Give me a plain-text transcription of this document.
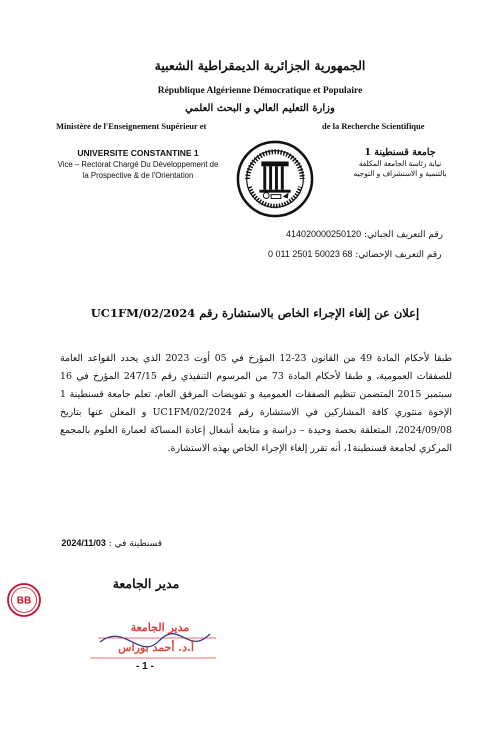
الجمهورية الجزائرية الديمقراطية الشعبية
République Algérienne Démocratique et Populaire
وزارة التعليم العالي و البحث العلمي
Ministère de l'Enseignement Supérieur et	de la Recherche Scientifique
UNIVERSITE CONSTANTINE 1
Vice – Rectorat Chargé Du Développement de
la Prospective & de l'Orientation
جامعة قسنطينة 1
نيابة رئاسة الجامعة المكلفة
بالتنمية و الاستشراف و التوجيه
رقم التعريف الجبائي: 414020000250120
رقم التعريف الإحصائي: 0 011 2501 50023 68
إعلان عن إلغاء الإجراء الخاص بالاستشارة رقم 2024/UC1FM/02
طبقا لأحكام المادة 49 من القانون 23-12 المؤرخ في 05 أوت 2023 الذي يحدد القواعد العامة للصفقات العمومية، و طبقا لأحكام المادة 73 من المرسوم التنفيذي رقم 247/15 المؤرخ في 16 سبتمبر 2015 المتضمن تنظيم الصفقات العمومية و تفويضات المرفق العام، تعلم جامعة قسنطينة 1 الإخوة منتوري كافة المشاركين في الاستشارة رقم 2024/UC1FM/02 و المعلن عنها بتاريخ 2024/09/08، المتعلقة بحصة وحيدة – دراسة و متابعة أشغال إعادة المساكة لعمارة العلوم بالمجمع المركزي لجامعة قسنطينة1، أنه تقرر إلغاء الإجراء الخاص بهذه الاستشارة.
قسنطينة في : 2024/11/03
مدير الجامعة
BB
مدير الجامعة
أ.د. أحمد بوراس
- 1 -
